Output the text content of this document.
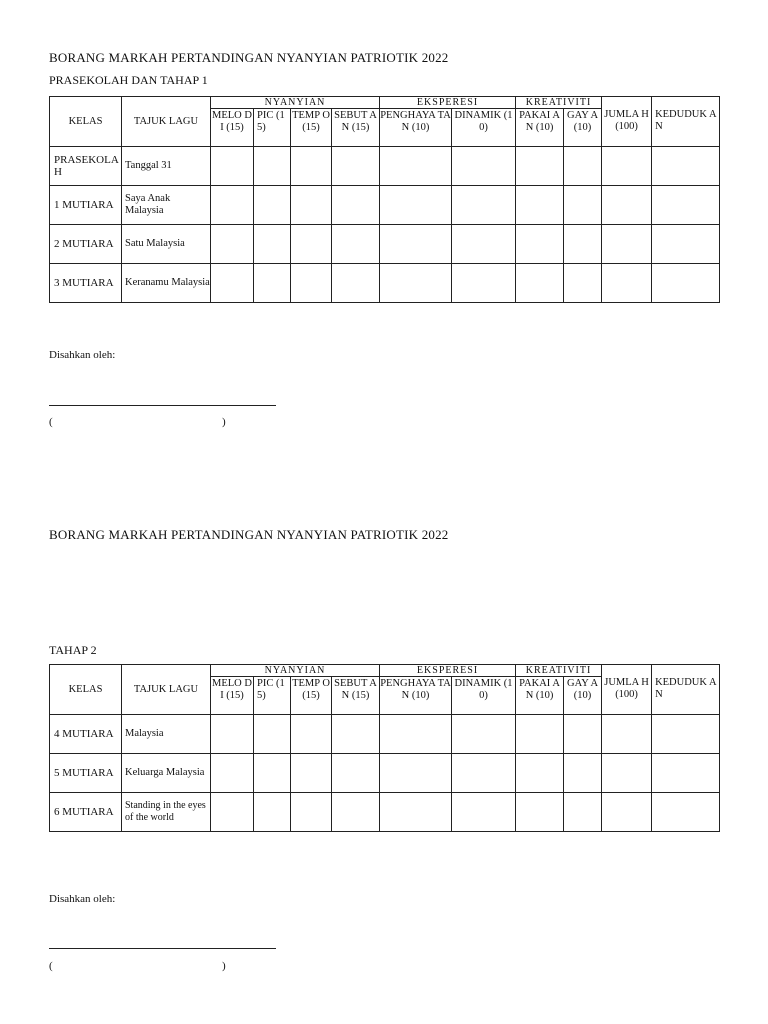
BORANG MARKAH PERTANDINGAN NYANYIAN PATRIOTIK 2022
PRASEKOLAH DAN TAHAP 1
KELAS	TAJUK LAGU	NYANYIAN				EKSPERESI		KREATIVITI		JUMLA H (100)	KEDUDUK AN
		MELO DI (15)	PIC (15)	TEMP O (15)	SEBUT AN (15)	PENGHAYA TAN (10)	DINAMIK (10)	PAKAI AN (10)	GAY A (10)		
PRASEKOLAH	Tanggal 31										
1 MUTIARA	Saya Anak Malaysia										
2 MUTIARA	Satu Malaysia										
3 MUTIARA	Keranamu Malaysia										
Disahkan oleh:
(	)
BORANG MARKAH PERTANDINGAN NYANYIAN PATRIOTIK 2022
TAHAP 2
KELAS	TAJUK LAGU	NYANYIAN				EKSPERESI		KREATIVITI		JUMLA H (100)	KEDUDUK AN
		MELO DI (15)	PIC (15)	TEMP O (15)	SEBUT AN (15)	PENGHAYA TAN (10)	DINAMIK (10)	PAKAI AN (10)	GAY A (10)		
4 MUTIARA	Malaysia										
5 MUTIARA	Keluarga Malaysia										
6 MUTIARA	Standing in the eyes of the world										
Disahkan oleh:
(	)
